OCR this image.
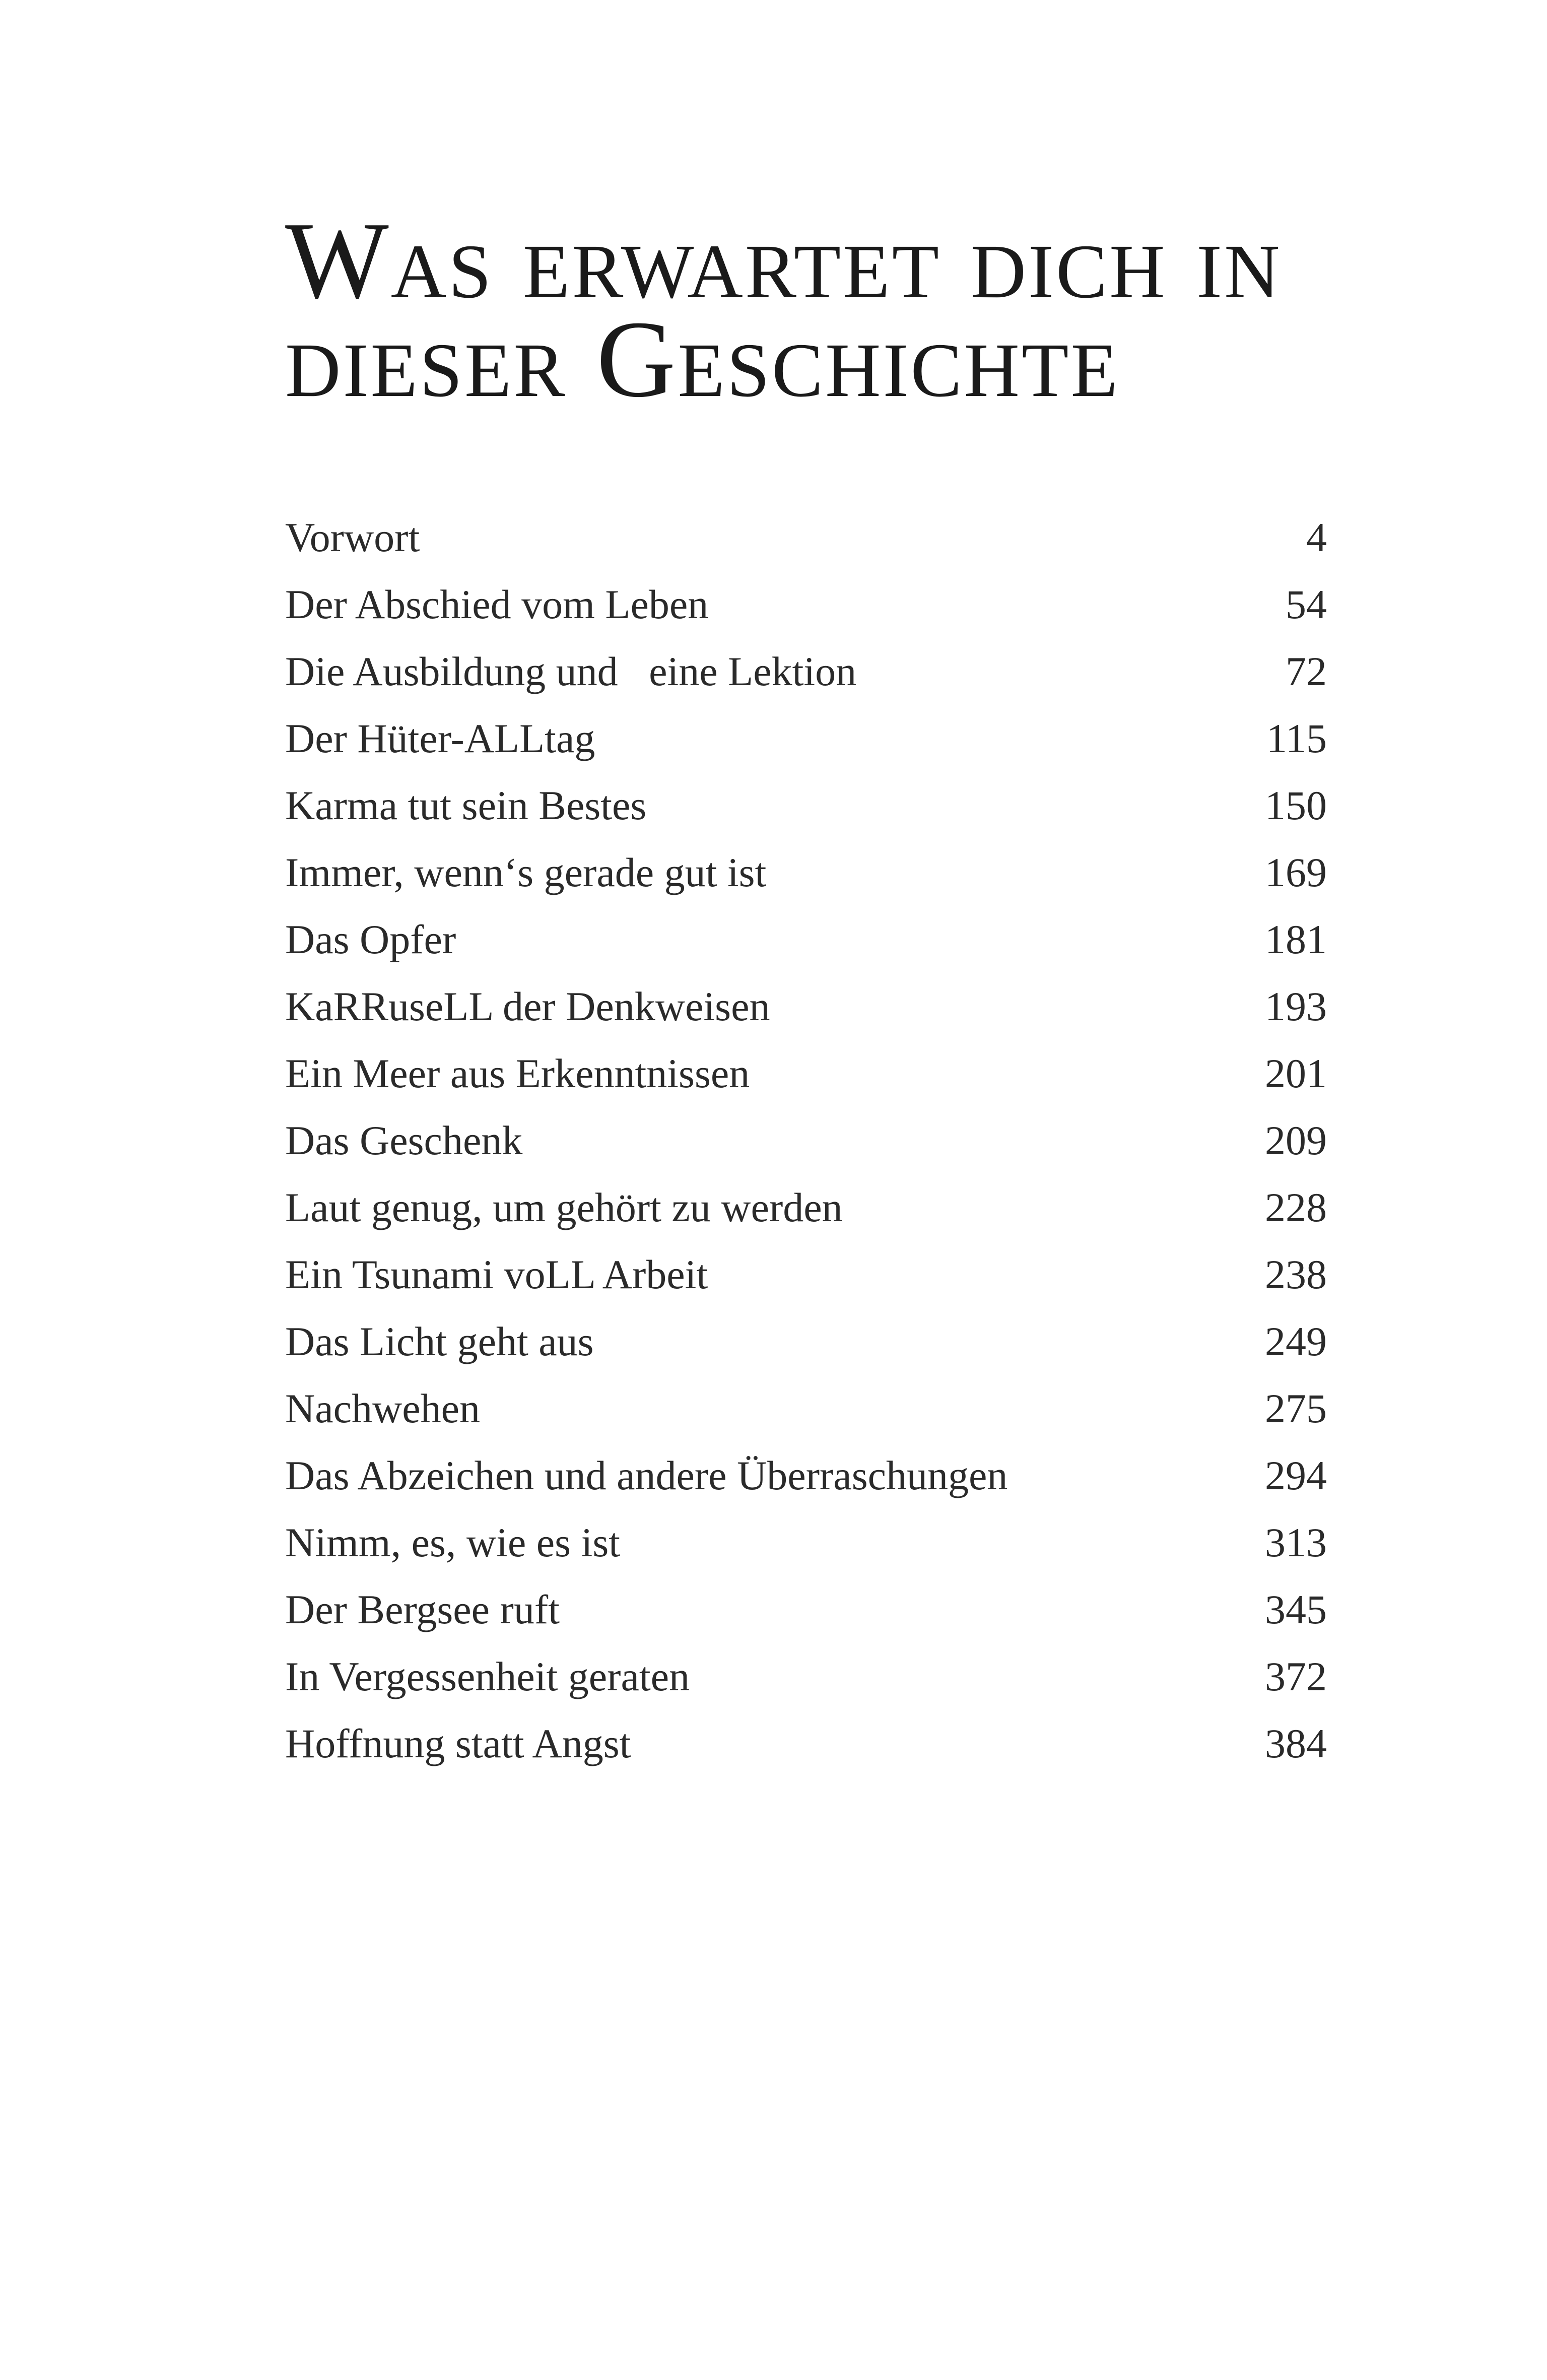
Was erwartet dich in
dieser Geschichte
Vorwort	4
Der Abschied vom Leben	54
Die Ausbildung und   eine Lektion	72
Der Hüter-ALLtag	115
Karma tut sein Bestes	150
Immer, wenn‘s gerade gut ist	169
Das Opfer	181
KaRRuseLL der Denkweisen	193
Ein Meer aus Erkenntnissen	201
Das Geschenk	209
Laut genug, um gehört zu werden	228
Ein Tsunami voLL Arbeit	238
Das Licht geht aus	249
Nachwehen	275
Das Abzeichen und andere Überraschungen	294
Nimm, es, wie es ist	313
Der Bergsee ruft	345
In Vergessenheit geraten	372
Hoffnung statt Angst	384
